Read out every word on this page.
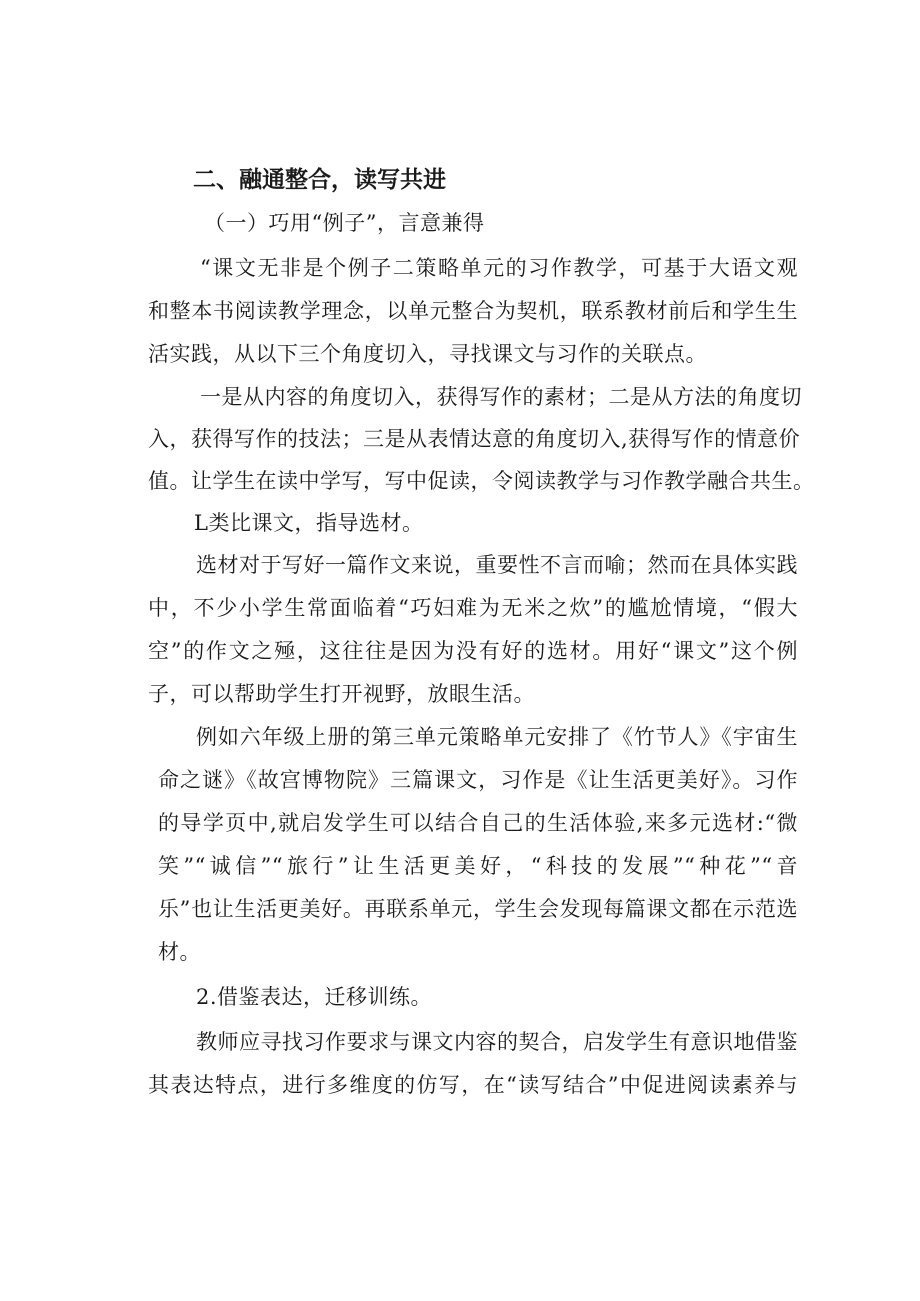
二、融通整合，读写共进
（一）巧用“例子”，言意兼得
“课文无非是个例子二策略单元的习作教学，可基于大语文观
和整本书阅读教学理念，以单元整合为契机，联系教材前后和学生生
活实践，从以下三个角度切入，寻找课文与习作的关联点。
一是从内容的角度切入，获得写作的素材；二是从方法的角度切
入，获得写作的技法；三是从表情达意的角度切入,获得写作的情意价
值。让学生在读中学写，写中促读，令阅读教学与习作教学融合共生。
L类比课文，指导选材。
选材对于写好一篇作文来说，重要性不言而喻；然而在具体实践
中，不少小学生常面临着“巧妇难为无米之炊”的尴尬情境，“假大
空”的作文之殛，这往往是因为没有好的选材。用好“课文”这个例
子，可以帮助学生打开视野，放眼生活。
例如六年级上册的第三单元策略单元安排了《竹节人》《宇宙生
命之谜》《故宫博物院》三篇课文，习作是《让生活更美好》。习作
的导学页中,就启发学生可以结合自己的生活体验,来多元选材:“微
笑”“诚信”“旅行”让生活更美好，“科技的发展”“种花”“音
乐”也让生活更美好。再联系单元，学生会发现每篇课文都在示范选
材。
2.借鉴表达，迁移训练。
教师应寻找习作要求与课文内容的契合，启发学生有意识地借鉴
其表达特点，进行多维度的仿写，在“读写结合”中促进阅读素养与
